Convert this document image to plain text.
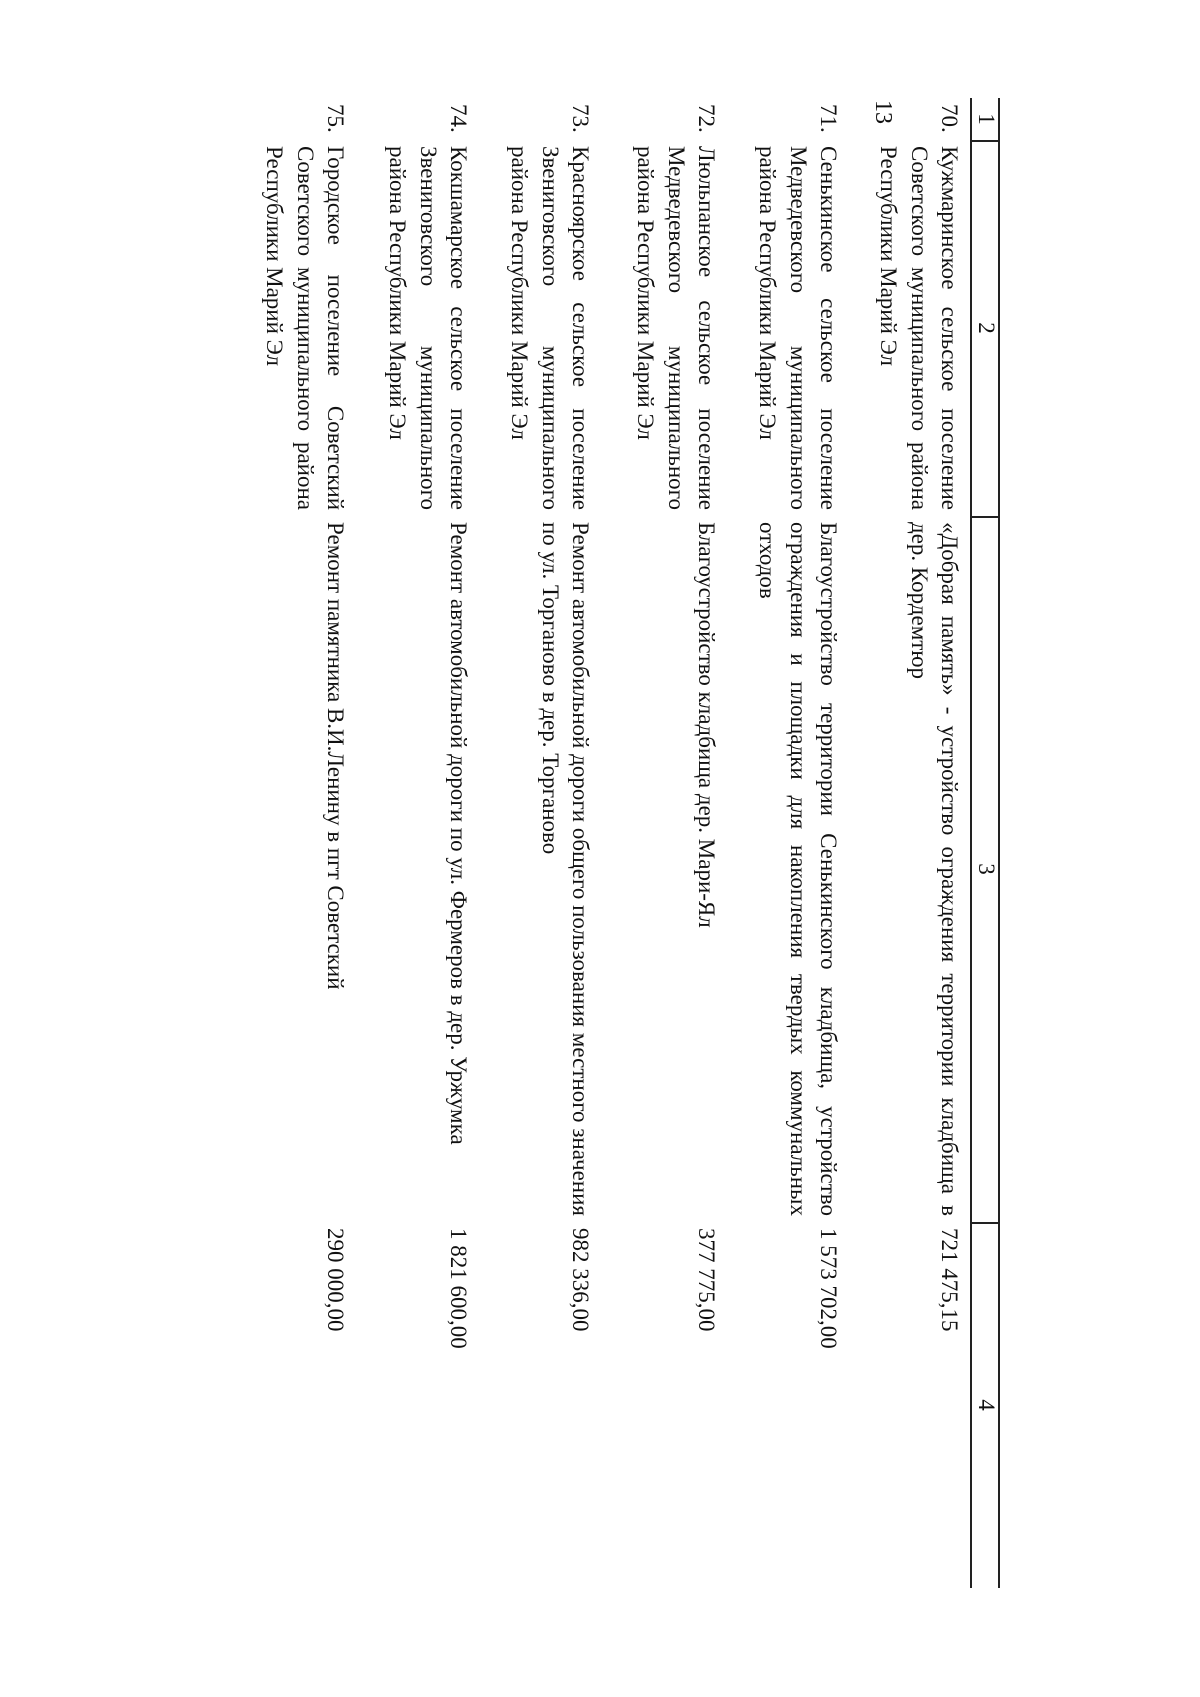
13	1
2
3
4
70.
Кужмаринское сельское поселение Советского муниципального района Республики Марий Эл
«Добрая память» - устройство ограждения территории кладбища в дер. Кордемтюр
721 475,15
71.
Сенькинское сельское поселение Медведевского муниципального района Республики Марий Эл
Благоустройство территории Сенькинского кладбища, устройство ограждения и площадки для накопления твердых коммунальных отходов
1 573 702,00
72.
Люльпанское сельское поселение Медведевского муниципального района Республики Марий Эл
Благоустройство кладбища дер. Мари-Ял
377 775,00
73.
Красноярское сельское поселение Звениговского муниципального района Республики Марий Эл
Ремонт автомобильной дороги общего пользования местного значения по ул. Торганово в дер. Торганово
982 336,00
74.
Кокшамарское сельское поселение Звениговского муниципального района Республики Марий Эл
Ремонт автомобильной дороги по ул. Фермеров в дер. Уржумка
1 821 600,00
75.
Городское поселение Советский Советского муниципального района Республики Марий Эл
Ремонт памятника В.И.Ленину в пгт Советский
290 000,00
